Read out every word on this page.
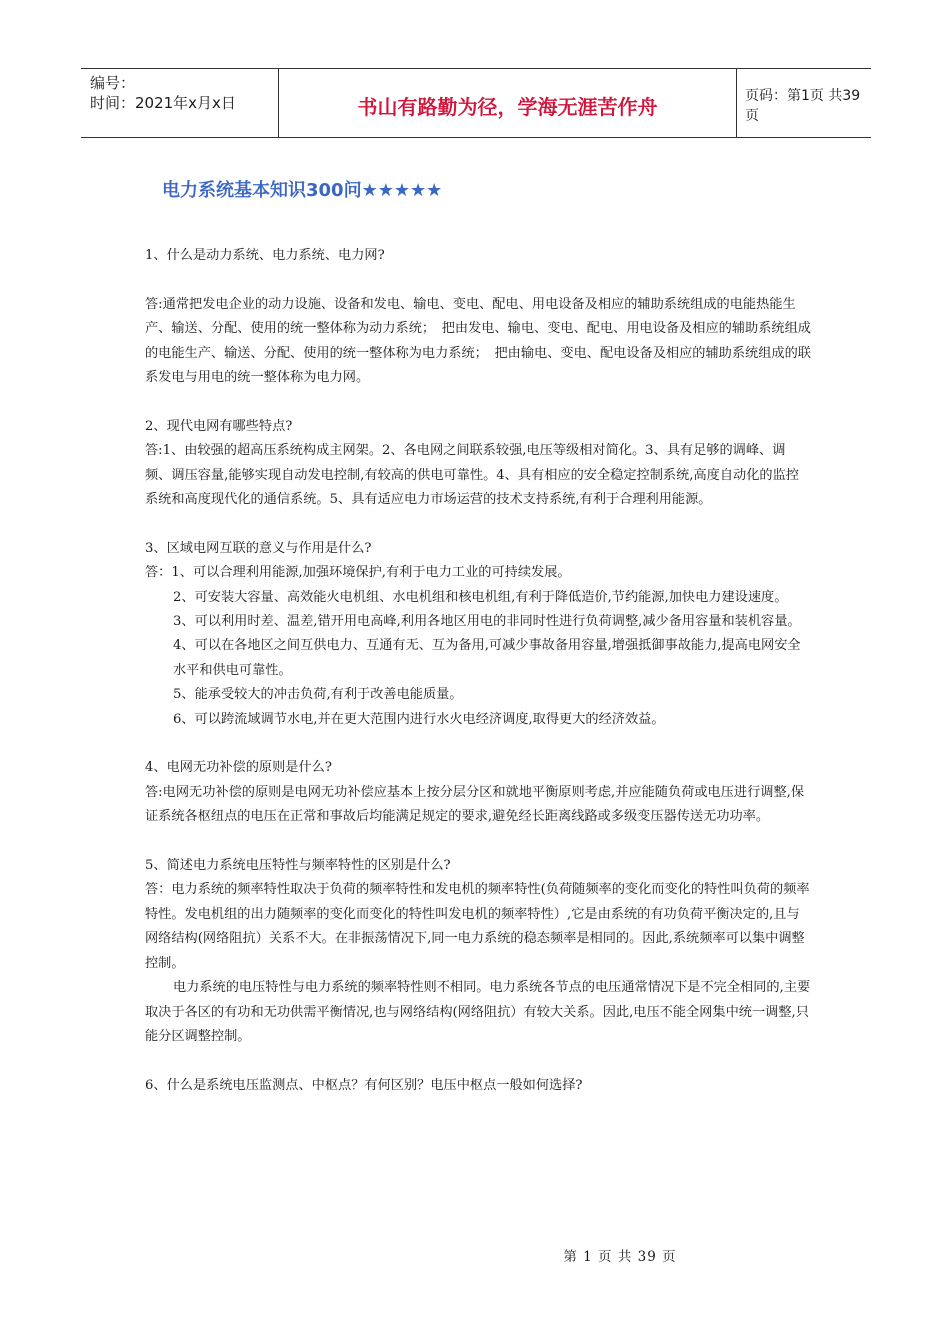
编号：
时间：2021年x月x日	书山有路勤为径，学海无涯苦作舟	页码：第1页 共39页
电力系统基本知识300问★★★★★

1、什么是动力系统、电力系统、电力网?

答:通常把发电企业的动力设施、设备和发电、输电、变电、配电、用电设备及相应的辅助系统组成的电能热能生产、输送、分配、使用的统一整体称为动力系统；　把由发电、输电、变电、配电、用电设备及相应的辅助系统组成的电能生产、输送、分配、使用的统一整体称为电力系统；　把由输电、变电、配电设备及相应的辅助系统组成的联系发电与用电的统一整体称为电力网。

2、现代电网有哪些特点?

答:1、由较强的超高压系统构成主网架。2、各电网之间联系较强,电压等级相对简化。3、具有足够的调峰、调频、调压容量,能够实现自动发电控制,有较高的供电可靠性。4、具有相应的安全稳定控制系统,高度自动化的监控系统和高度现代化的通信系统。5、具有适应电力市场运营的技术支持系统,有利于合理利用能源。

3、区域电网互联的意义与作用是什么?

答：1、可以合理利用能源,加强环境保护,有利于电力工业的可持续发展。

2、可安装大容量、高效能火电机组、水电机组和核电机组,有利于降低造价,节约能源,加快电力建设速度。

3、可以利用时差、温差,错开用电高峰,利用各地区用电的非同时性进行负荷调整,减少备用容量和装机容量。

4、可以在各地区之间互供电力、互通有无、互为备用,可减少事故备用容量,增强抵御事故能力,提高电网安全水平和供电可靠性。

5、能承受较大的冲击负荷,有利于改善电能质量。

6、可以跨流域调节水电,并在更大范围内进行水火电经济调度,取得更大的经济效益。

4、电网无功补偿的原则是什么?

答:电网无功补偿的原则是电网无功补偿应基本上按分层分区和就地平衡原则考虑,并应能随负荷或电压进行调整,保证系统各枢纽点的电压在正常和事故后均能满足规定的要求,避免经长距离线路或多级变压器传送无功功率。

5、简述电力系统电压特性与频率特性的区别是什么?

答：电力系统的频率特性取决于负荷的频率特性和发电机的频率特性(负荷随频率的变化而变化的特性叫负荷的频率特性。发电机组的出力随频率的变化而变化的特性叫发电机的频率特性）,它是由系统的有功负荷平衡决定的,且与网络结构(网络阻抗）关系不大。在非振荡情况下,同一电力系统的稳态频率是相同的。因此,系统频率可以集中调整控制。

电力系统的电压特性与电力系统的频率特性则不相同。电力系统各节点的电压通常情况下是不完全相同的,主要取决于各区的有功和无功供需平衡情况,也与网络结构(网络阻抗）有较大关系。因此,电压不能全网集中统一调整,只能分区调整控制。

6、什么是系统电压监测点、中枢点？有何区别？电压中枢点一般如何选择?

第 1 页 共 39 页
